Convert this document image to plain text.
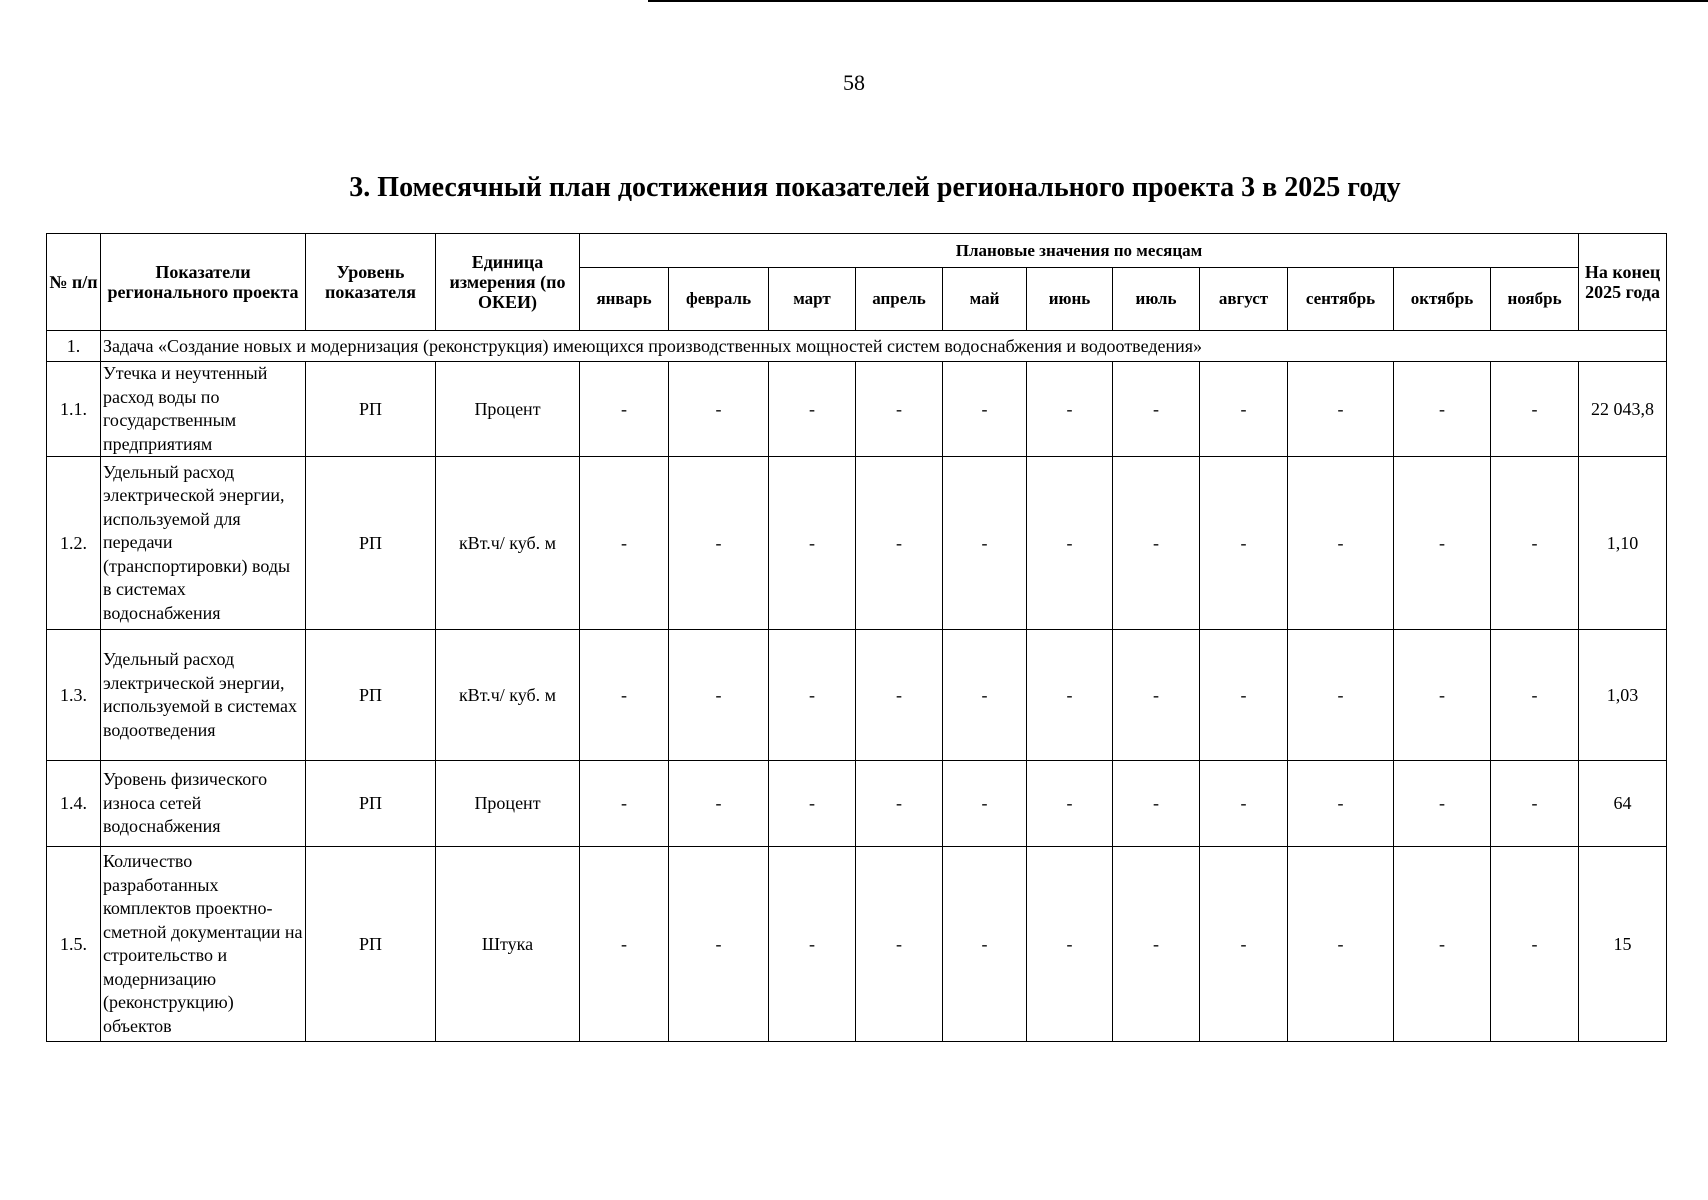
58
3. Помесячный план достижения показателей регионального проекта 3 в 2025 году
№ п/п	Показатели регионального проекта	Уровень показателя	Единица измерения (по ОКЕИ)	Плановые значения по месяцам											На конец 2025 года
				январь	февраль	март	апрель	май	июнь	июль	август	сентябрь	октябрь	ноябрь	
1.	Задача «Создание новых и модернизация (реконструкция) имеющихся производственных мощностей систем водоснабжения и водоотведения»														
1.1.	Утечка и неучтенный расход воды по государственным предприятиям	РП	Процент	-	-	-	-	-	-	-	-	-	-	-	22 043,8
1.2.	Удельный расход электрической энергии, используемой для передачи (транспортировки) воды в системах водоснабжения	РП	кВт.ч/ куб. м	-	-	-	-	-	-	-	-	-	-	-	1,10
1.3.	Удельный расход электрической энергии, используемой в системах водоотведения	РП	кВт.ч/ куб. м	-	-	-	-	-	-	-	-	-	-	-	1,03
1.4.	Уровень физического износа сетей водоснабжения	РП	Процент	-	-	-	-	-	-	-	-	-	-	-	64
1.5.	Количество разработанных комплектов проектно-сметной документации на строительство и модернизацию (реконструкцию) объектов	РП	Штука	-	-	-	-	-	-	-	-	-	-	-	15
